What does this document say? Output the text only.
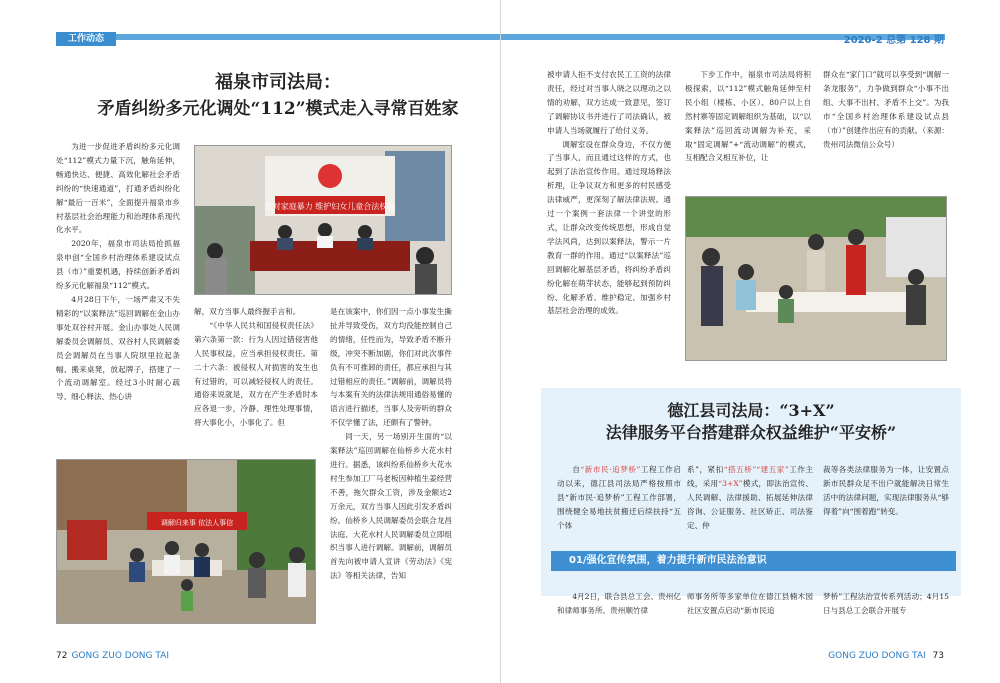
工作动态
福泉市司法局：
矛盾纠纷多元化调处“112”模式走入寻常百姓家

为进一步促进矛盾纠纷多元化调处“112”模式力量下沉，触角延伸，畅通快达、便捷、高效化解社会矛盾纠纷的“快速通道”，打通矛盾纠纷化解“最后一百米”，全面提升福泉市乡村基层社会治理能力和治理体系现代化水平。

2020年，福泉市司法局抢抓福泉申创“全国乡村治理体系建设试点县（市）”重要机遇，持续创新矛盾纠纷多元化解福泉“112”模式。

4月28日下午，一场严肃又不失精彩的“以案释法”巡回调解在金山办事处双谷村开展。金山办事处人民调解委员会调解员、双谷村人民调解委员会调解员在当事人院坝里拉起条幅、搬来桌凳，放起牌子，搭建了一个流动调解室。经过3小时耐心疏导、细心释法、热心讲

反对家庭暴力 维护妇女儿童合法权益

解，双方当事人最终握手言和。

“《中华人民共和国侵权责任法》第六条第一款：行为人因过错侵害他人民事权益，应当承担侵权责任。第二十六条：被侵权人对损害的发生也有过错的，可以减轻侵权人的责任。通俗来说就是，双方在产生矛盾时本应各退一步，冷静、理性处理事情，将大事化小，小事化了。但

是在该案中，你们因一点小事发生撕扯并导致受伤，双方均没能控制自己的情绪，任性而为，导致矛盾不断升级，冲突不断加剧，你们对此次事件负有不可推卸的责任，都应承担与其过错相应的责任。”调解前，调解员将与本案有关的法律法规用通俗易懂的语言进行描述，当事人及旁听的群众不仅学懂了法，还颇有了警钟。

同一天，另一场别开生面的“以案释法”巡回调解在仙桥乡大花水村进行。据悉，该纠纷系仙桥乡大花水村生参加工厂马老板因种植生姜经营不善，拖欠群众工资，涉及金额达2万余元，双方当事人因此引发矛盾纠纷。仙桥乡人民调解委员会联合龙昌法庭、大花水村人民调解委员立即组织当事人进行调解。调解前，调解员首先向被申请人宣讲《劳动法》《宪法》等相关法律，告知

调解归来事 依法人事信
72 GONG ZUO DONG TAI
2020-2 总第 128 期

被申请人拒不支付农民工工资的法律责任，经过对当事人晓之以理动之以情的劝解，双方达成一致意见，签订了调解协议书并进行了司法确认，被申请人当场就履行了给付义务。

调解室设在群众身边，不仅方便了当事人，而且通过这样的方式，也起到了法治宣传作用。通过现场释法析理，让争议双方和更多的村民感受法律威严，更深刻了解法律法规。通过一个案例一套法律一个讲堂的形式，让群众改变传统思想，形成自觉学法风尚，达到以案释法，警示一片教育一群的作用。通过“以案释法”巡回调解化解基层矛盾，将纠纷矛盾纠纷化解在萌芽状态，能够起到预防纠纷、化解矛盾、维护稳定、加强乡村基层社会治理的成效。

下步工作中，福泉市司法局将积极探索，以“112”模式触角延伸至村民小组（楼栋、小区）、80户以上自然村寨等固定调解组织为基础，以“以案释法”巡回流动调解为补充，采取“固定调解”+“流动调解”的模式，互相配合又相互补位，让

群众在“家门口”就可以享受到“调解一条龙服务”，力争做到群众“小事不出组、大事不出村、矛盾不上交”。为我市“全国乡村治理体系建设试点县（市）”创建作出应有的贡献。（来源：贵州司法微信公众号）

德江县司法局：“3+X”
法律服务平台搭建群众权益维护“平安桥”

自“新市民·追梦桥”工程工作启动以来，德江县司法局严格按照市县“新市民·追梦桥”工程工作部署，围绕健全易地扶贫搬迁后续扶持“五个体

系”，紧扣“搭五桥”“建五家”工作主线，采用“3+X”模式，即法治宣传、人民调解、法律援助、拓展延伸法律咨询、公证服务、社区矫正、司法鉴定、仲

裁等各类法律服务为一体，让安置点新市民群众足不出户就能解决日常生活中的法律问题，实现法律服务从“够得着”向“围着跑”转变。

01/强化宣传氛围，着力提升新市民法治意识

4月2日，联合县总工会、贵州亿和律师事务所、贵州顺竹律

师事务所等多家单位在德江县楠木园社区安置点启动“新市民追

梦桥”工程法治宣传系列活动；4月15日与县总工会联合开展专

GONG ZUO DONG TAI 73
